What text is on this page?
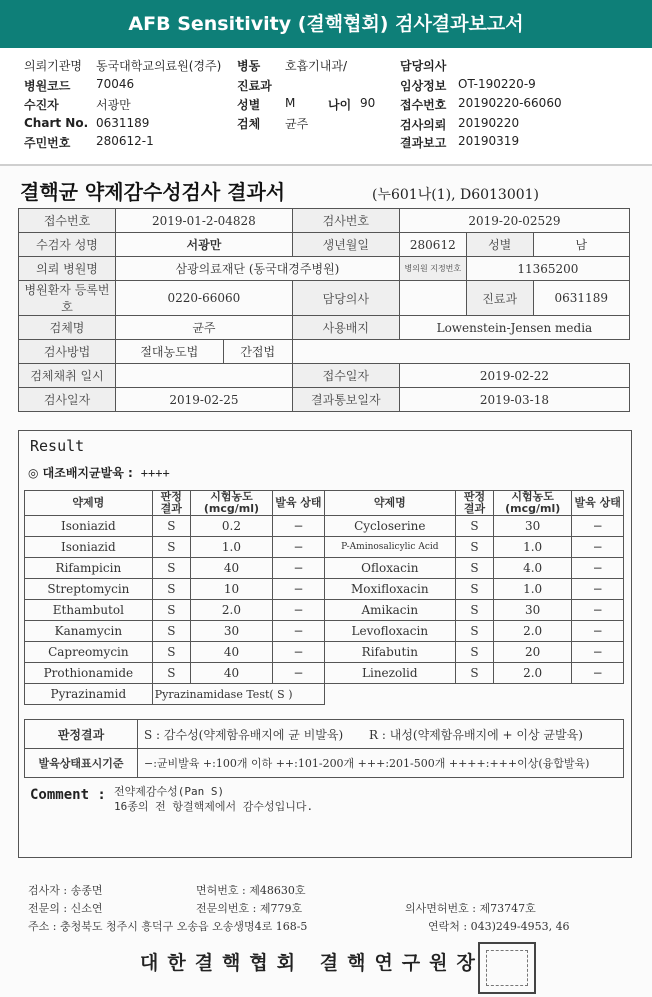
AFB Sensitivity (결핵협회) 검사결과보고서
의뢰기관명 동국대학교의료원(경주)
병원코드 70046
수진자	서광만
Chart No. 0631189
주민번호 280612-1
병동 호흡기내과/
진료과
성별 M	나이 90
검체 균주
담당의사
임상정보 OT-190220-9
접수번호 20190220-66060
검사의뢰 20190220
결과보고 20190319
결핵균 약제감수성검사 결과서	(누601나(1), D6013001)
접수번호	2019-01-2-04828		검사번호	2019-20-02529		
수검자 성명	서광만		생년월일	280612	성별	남
의뢰 병원명	삼광의료재단 (동국대경주병원)			병의원 지정번호	11365200	
병원환자 등록번호	0220-66060		담당의사		진료과	0631189
검체명	균주		사용배지	Lowenstein-Jensen media		
검사방법	절대농도법	간접법				
검체채취 일시			접수일자	2019-02-22		
검사일자	2019-02-25		결과통보일자	2019-03-18		
Result
◎ 대조배지균발육 : ++++
약제명	판정 결과	시험농도 (mcg/ml)	발육 상태	약제명	판정 결과	시험농도 (mcg/ml)	발육 상태
Isoniazid	S	0.2	−	Cycloserine	S	30	−
Isoniazid	S	1.0	−	P-Aminosalicylic Acid	S	1.0	−
Rifampicin	S	40	−	Ofloxacin	S	4.0	−
Streptomycin	S	10	−	Moxifloxacin	S	1.0	−
Ethambutol	S	2.0	−	Amikacin	S	30	−
Kanamycin	S	30	−	Levofloxacin	S	2.0	−
Capreomycin	S	40	−	Rifabutin	S	20	−
Prothionamide	S	40	−	Linezolid	S	2.0	−
Pyrazinamid	Pyrazinamidase Test( S )						
판정결과	S : 감수성(약제함유배지에 균 비발육) R : 내성(약제함유배지에 + 이상 균발육)
발육상태표시기준	−:균비발육 +:100개 이하 ++:101-200개 +++:201-500개 ++++:+++이상(융합발육)
Comment : 전약제감수성(Pan S)
16종의 전 항결핵제에서 감수성입니다.
검사자 : 송종면	면허번호 : 제48630호
전문의 : 신소연	전문의번호 : 제779호	의사면허번호 : 제73747호
주소 : 충청북도 청주시 흥덕구 오송읍 오송생명4로 168-5	연락처 : 043)249-4953, 46
대한결핵협회 결핵연구원장
